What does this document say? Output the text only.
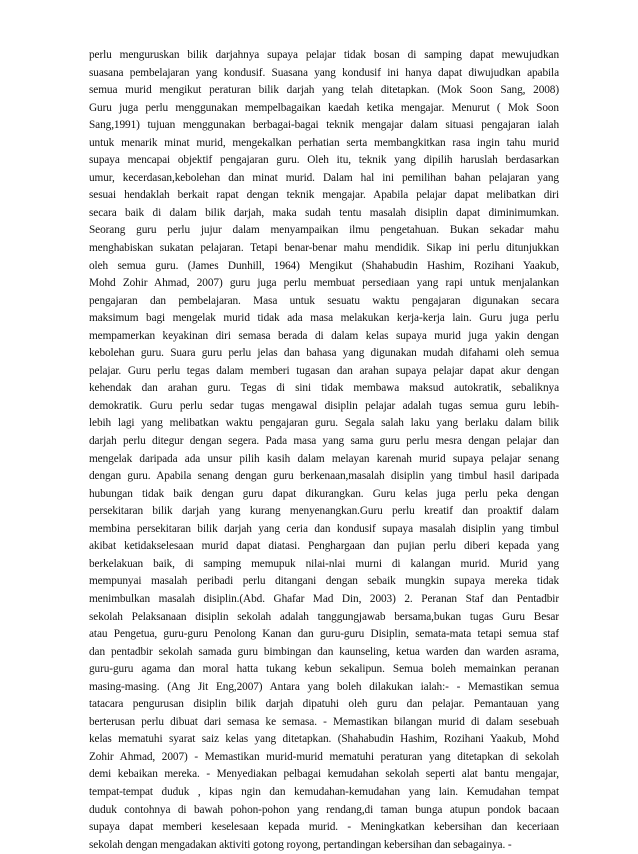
perlu menguruskan bilik darjahnya supaya pelajar tidak bosan di samping dapat mewujudkan
suasana pembelajaran yang kondusif. Suasana yang kondusif ini hanya dapat diwujudkan apabila
semua murid mengikut peraturan bilik darjah yang telah ditetapkan. (Mok Soon Sang, 2008)
Guru juga perlu menggunakan mempelbagaikan kaedah ketika mengajar. Menurut ( Mok Soon
Sang,1991) tujuan menggunakan berbagai-bagai teknik mengajar dalam situasi pengajaran ialah
untuk menarik minat murid, mengekalkan perhatian serta membangkitkan rasa ingin tahu murid
supaya mencapai objektif pengajaran guru. Oleh itu, teknik yang dipilih haruslah berdasarkan
umur, kecerdasan,kebolehan dan minat murid. Dalam hal ini pemilihan bahan pelajaran yang
sesuai hendaklah berkait rapat dengan teknik mengajar. Apabila pelajar dapat melibatkan diri
secara baik di dalam bilik darjah, maka sudah tentu masalah disiplin dapat diminimumkan.
Seorang guru perlu jujur dalam menyampaikan ilmu pengetahuan. Bukan sekadar mahu
menghabiskan sukatan pelajaran. Tetapi benar-benar mahu mendidik. Sikap ini perlu ditunjukkan
oleh semua guru. (James Dunhill, 1964) Mengikut (Shahabudin Hashim, Rozihani Yaakub,
Mohd Zohir Ahmad, 2007) guru juga perlu membuat persediaan yang rapi untuk menjalankan
pengajaran dan pembelajaran. Masa untuk sesuatu waktu pengajaran digunakan secara
maksimum bagi mengelak murid tidak ada masa melakukan kerja-kerja lain. Guru juga perlu
mempamerkan keyakinan diri semasa berada di dalam kelas supaya murid juga yakin dengan
kebolehan guru. Suara guru perlu jelas dan bahasa yang digunakan mudah difahami oleh semua
pelajar. Guru perlu tegas dalam memberi tugasan dan arahan supaya pelajar dapat akur dengan
kehendak dan arahan guru. Tegas di sini tidak membawa maksud autokratik, sebaliknya
demokratik. Guru perlu sedar tugas mengawal disiplin pelajar adalah tugas semua guru lebih-
lebih lagi yang melibatkan waktu pengajaran guru. Segala salah laku yang berlaku dalam bilik
darjah perlu ditegur dengan segera. Pada masa yang sama guru perlu mesra dengan pelajar dan
mengelak daripada ada unsur pilih kasih dalam melayan karenah murid supaya pelajar senang
dengan guru. Apabila senang dengan guru berkenaan,masalah disiplin yang timbul hasil daripada
hubungan tidak baik dengan guru dapat dikurangkan. Guru kelas juga perlu peka dengan
persekitaran bilik darjah yang kurang menyenangkan.Guru perlu kreatif dan proaktif dalam
membina persekitaran bilik darjah yang ceria dan kondusif supaya masalah disiplin yang timbul
akibat ketidakselesaan murid dapat diatasi. Penghargaan dan pujian perlu diberi kepada yang
berkelakuan baik, di samping memupuk nilai-nlai murni di kalangan murid. Murid yang
mempunyai masalah peribadi perlu ditangani dengan sebaik mungkin supaya mereka tidak
menimbulkan masalah disiplin.(Abd. Ghafar Mad Din, 2003) 2. Peranan Staf dan Pentadbir
sekolah Pelaksanaan disiplin sekolah adalah tanggungjawab bersama,bukan tugas Guru Besar
atau Pengetua, guru-guru Penolong Kanan dan guru-guru Disiplin, semata-mata tetapi semua staf
dan pentadbir sekolah samada guru bimbingan dan kaunseling, ketua warden dan warden asrama,
guru-guru agama dan moral hatta tukang kebun sekalipun. Semua boleh memainkan peranan
masing-masing. (Ang Jit Eng,2007) Antara yang boleh dilakukan ialah:- - Memastikan semua
tatacara pengurusan disiplin bilik darjah dipatuhi oleh guru dan pelajar. Pemantauan yang
berterusan perlu dibuat dari semasa ke semasa. - Memastikan bilangan murid di dalam sesebuah
kelas mematuhi syarat saiz kelas yang ditetapkan. (Shahabudin Hashim, Rozihani Yaakub, Mohd
Zohir Ahmad, 2007) - Memastikan murid-murid mematuhi peraturan yang ditetapkan di sekolah
demi kebaikan mereka. - Menyediakan pelbagai kemudahan sekolah seperti alat bantu mengajar,
tempat-tempat duduk , kipas ngin dan kemudahan-kemudahan yang lain. Kemudahan tempat
duduk contohnya di bawah pohon-pohon yang rendang,di taman bunga atupun pondok bacaan
supaya dapat memberi keselesaan kepada murid. - Meningkatkan kebersihan dan keceriaan
sekolah dengan mengadakan aktiviti gotong royong, pertandingan kebersihan dan sebagainya. -
